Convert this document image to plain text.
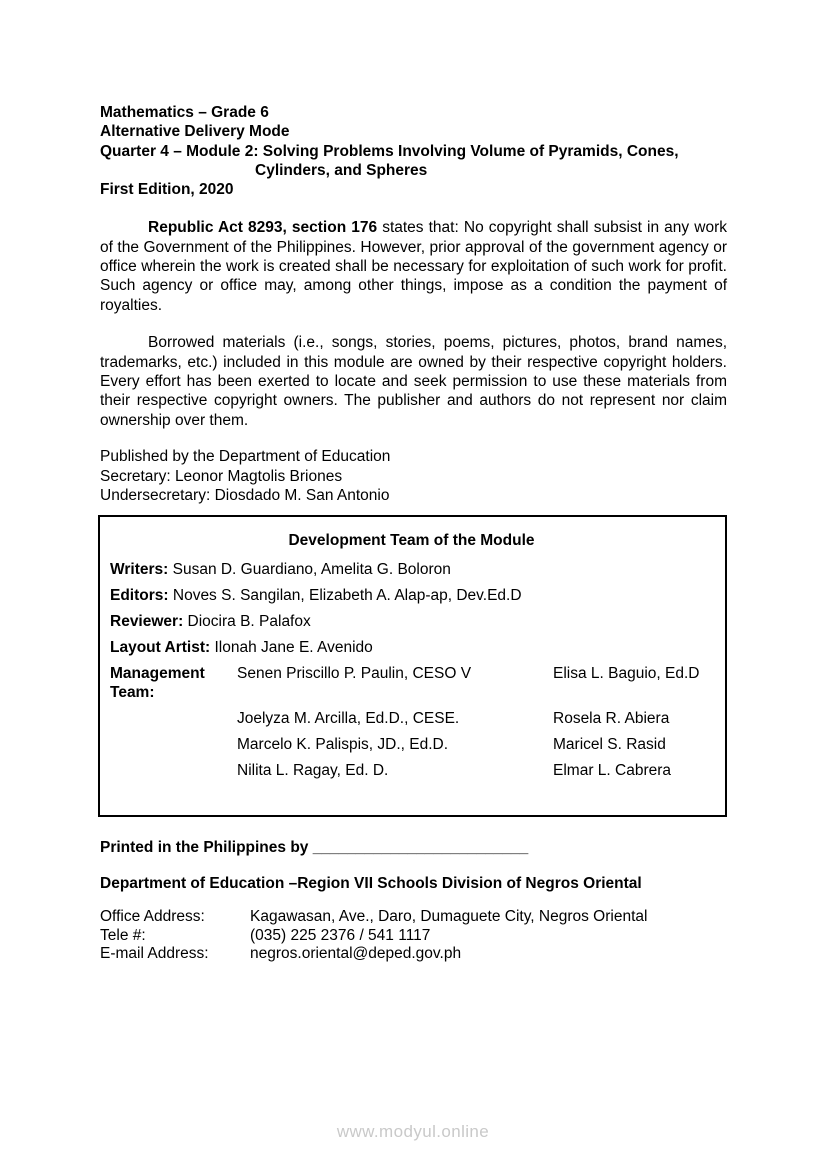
Mathematics – Grade 6

Alternative Delivery Mode

Quarter 4 – Module 2: Solving Problems Involving Volume of Pyramids, Cones,

Cylinders, and Spheres

First Edition, 2020

Republic Act 8293, section 176 states that: No copyright shall subsist in any work of the Government of the Philippines. However, prior approval of the government agency or office wherein the work is created shall be necessary for exploitation of such work for profit. Such agency or office may, among other things, impose as a condition the payment of royalties.

Borrowed materials (i.e., songs, stories, poems, pictures, photos, brand names, trademarks, etc.) included in this module are owned by their respective copyright holders. Every effort has been exerted to locate and seek permission to use these materials from their respective copyright owners. The publisher and authors do not represent nor claim ownership over them.

Published by the Department of Education

Secretary: Leonor Magtolis Briones

Undersecretary: Diosdado M. San Antonio

Development Team of the Module

Writers: Susan D. Guardiano, Amelita G. Boloron

Editors: Noves S. Sangilan, Elizabeth A. Alap-ap, Dev.Ed.D

Reviewer: Diocira B. Palafox

Layout Artist: Ilonah Jane E. Avenido

Management Team:
Senen Priscillo P. Paulin, CESO V	Elisa L. Baguio, Ed.D
Joelyza M. Arcilla, Ed.D., CESE.	Rosela R. Abiera
Marcelo K. Palispis, JD., Ed.D.	Maricel S. Rasid
Nilita L. Ragay, Ed. D.	Elmar L. Cabrera

Printed in the Philippines by _________________________

Department of Education –Region VII Schools Division of Negros Oriental

Office Address:	Kagawasan, Ave., Daro, Dumaguete City, Negros Oriental
Tele #:	(035) 225 2376 / 541 1117
E-mail Address:	negros.oriental@deped.gov.ph
www.modyul.online
